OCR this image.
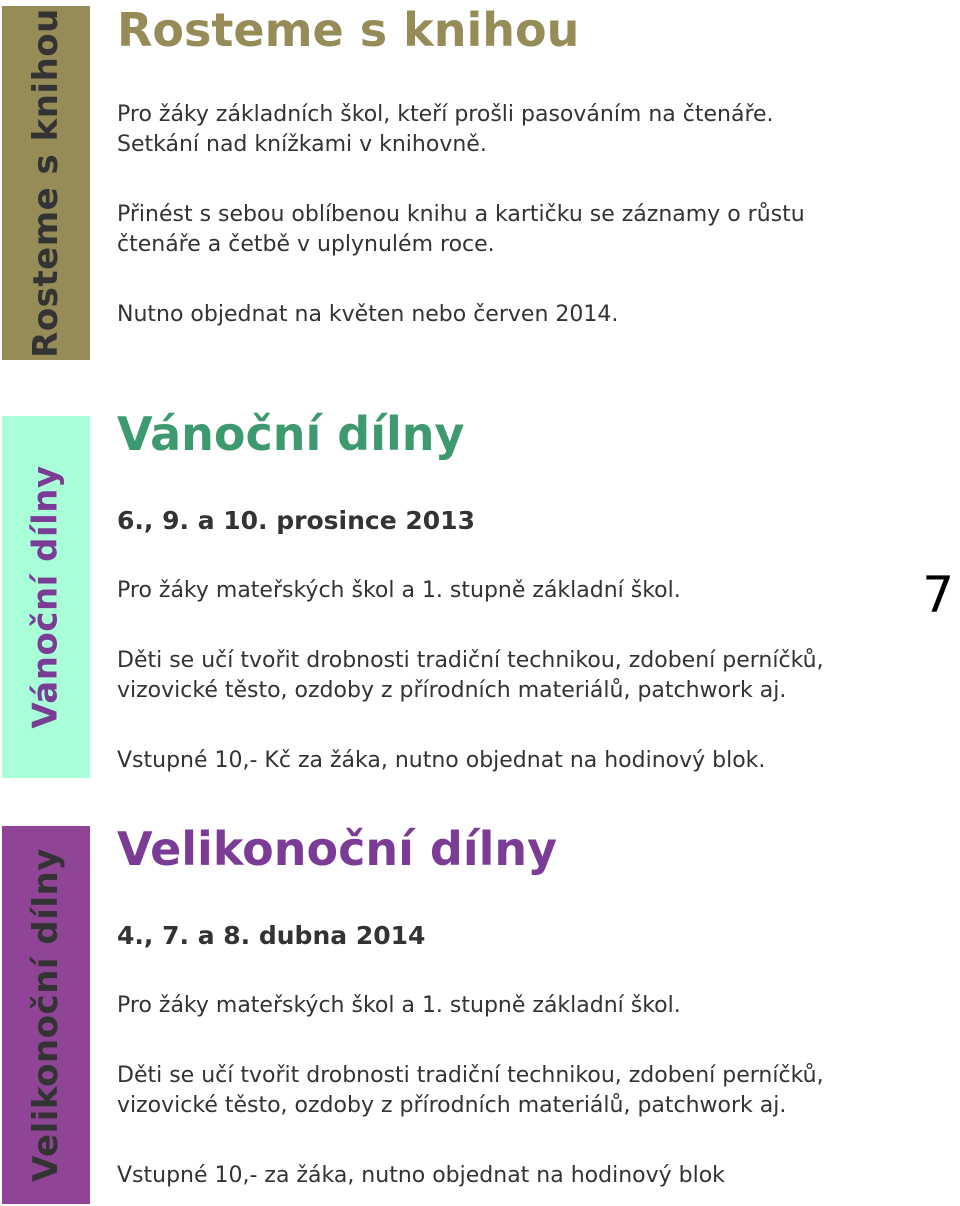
Rosteme s knihou
Vánoční dílny
Velikonoční dílny
Rosteme s knihou

Pro žáky základních škol, kteří prošli pasováním na čtenáře.

Setkání nad knížkami v knihovně.

Přinést s sebou oblíbenou knihu a kartičku se záznamy o růstu

čtenáře a četbě v uplynulém roce.

Nutno objednat na květen nebo červen 2014.

Vánoční dílny

6., 9. a 10. prosince 2013

Pro žáky mateřských škol a 1. stupně základní škol.

Děti se učí tvořit drobnosti tradiční technikou, zdobení perníčků,

vizovické těsto, ozdoby z přírodních materiálů, patchwork aj.

Vstupné 10,- Kč za žáka, nutno objednat na hodinový blok.

Velikonoční dílny

4., 7. a 8. dubna 2014

Pro žáky mateřských škol a 1. stupně základní škol.

Děti se učí tvořit drobnosti tradiční technikou, zdobení perníčků,

vizovické těsto, ozdoby z přírodních materiálů, patchwork aj.

Vstupné 10,- za žáka, nutno objednat na hodinový blok

7
